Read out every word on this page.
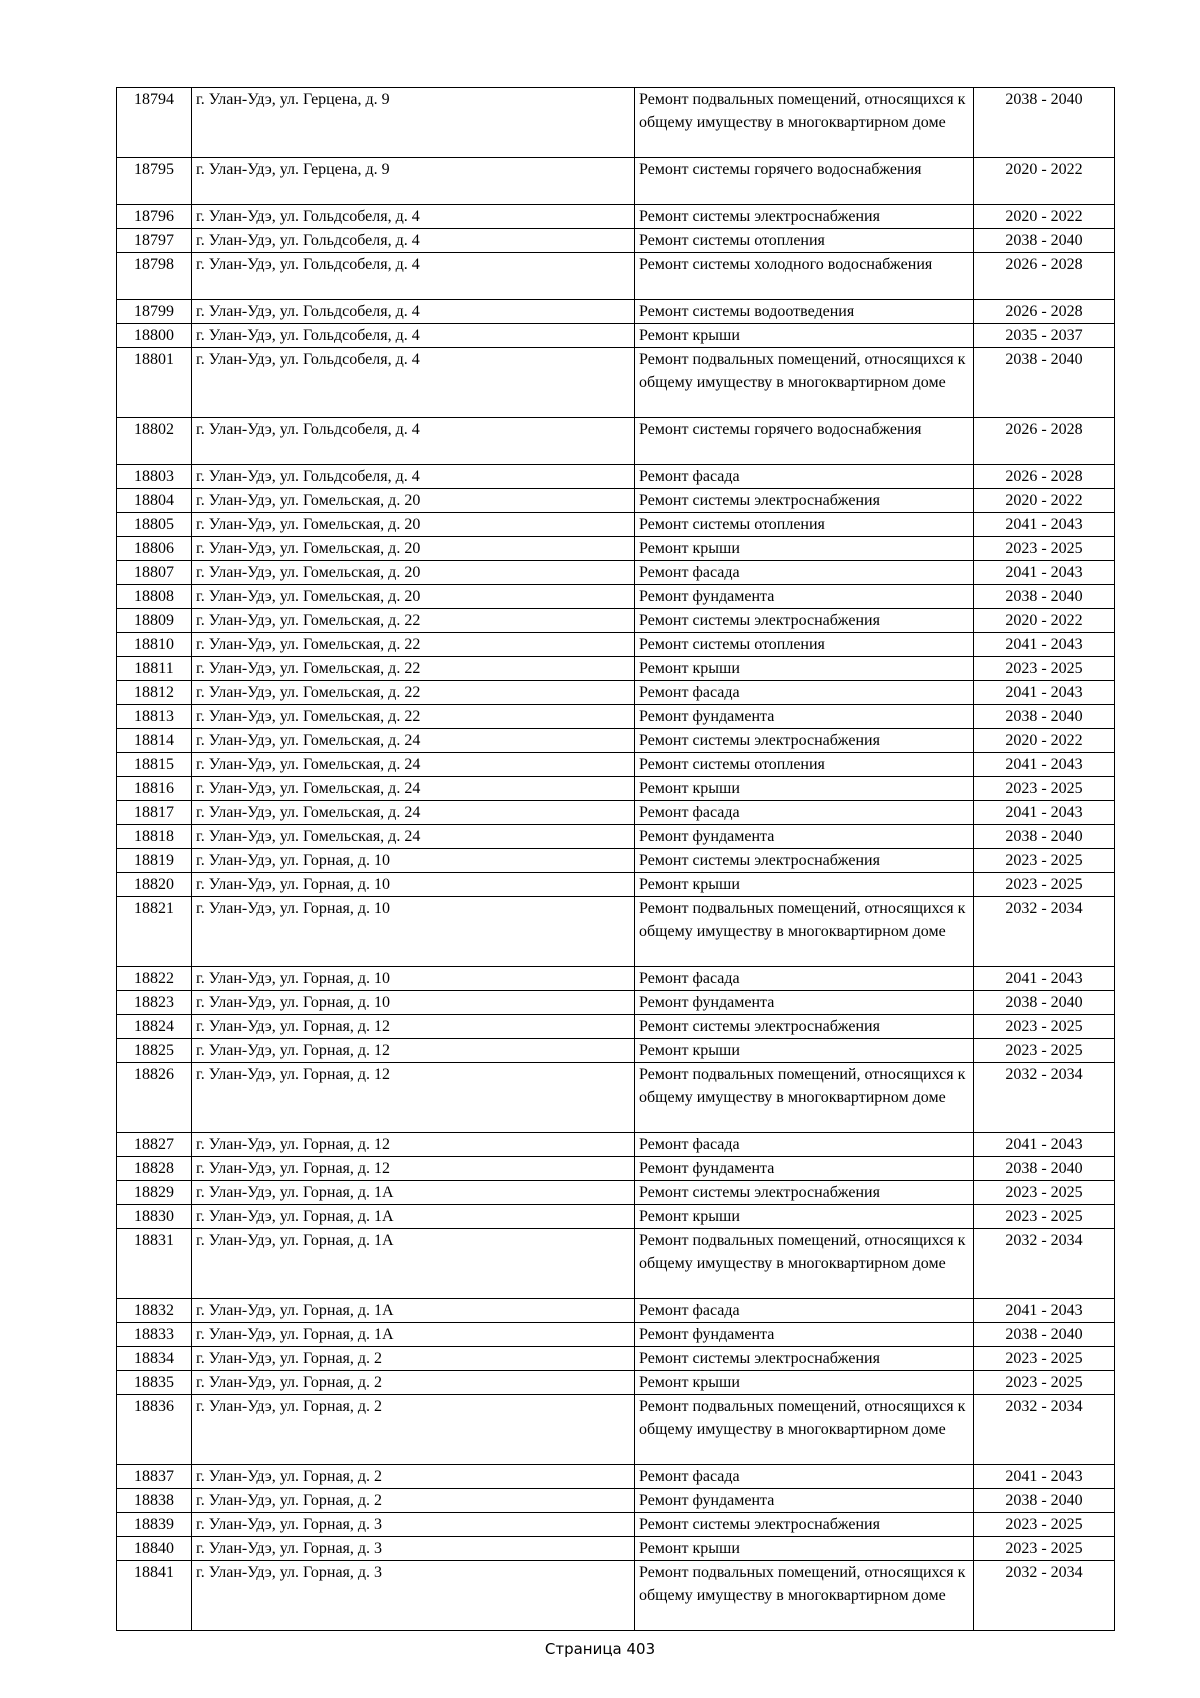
18794	г. Улан-Удэ, ул. Герцена, д. 9	Ремонт подвальных помещений, относящихся к общему имуществу в многоквартирном доме	2038 - 2040
18795	г. Улан-Удэ, ул. Герцена, д. 9	Ремонт системы горячего водоснабжения	2020 - 2022
18796	г. Улан-Удэ, ул. Гольдсобеля, д. 4	Ремонт системы электроснабжения	2020 - 2022
18797	г. Улан-Удэ, ул. Гольдсобеля, д. 4	Ремонт системы отопления	2038 - 2040
18798	г. Улан-Удэ, ул. Гольдсобеля, д. 4	Ремонт системы холодного водоснабжения	2026 - 2028
18799	г. Улан-Удэ, ул. Гольдсобеля, д. 4	Ремонт системы водоотведения	2026 - 2028
18800	г. Улан-Удэ, ул. Гольдсобеля, д. 4	Ремонт крыши	2035 - 2037
18801	г. Улан-Удэ, ул. Гольдсобеля, д. 4	Ремонт подвальных помещений, относящихся к общему имуществу в многоквартирном доме	2038 - 2040
18802	г. Улан-Удэ, ул. Гольдсобеля, д. 4	Ремонт системы горячего водоснабжения	2026 - 2028
18803	г. Улан-Удэ, ул. Гольдсобеля, д. 4	Ремонт фасада	2026 - 2028
18804	г. Улан-Удэ, ул. Гомельская, д. 20	Ремонт системы электроснабжения	2020 - 2022
18805	г. Улан-Удэ, ул. Гомельская, д. 20	Ремонт системы отопления	2041 - 2043
18806	г. Улан-Удэ, ул. Гомельская, д. 20	Ремонт крыши	2023 - 2025
18807	г. Улан-Удэ, ул. Гомельская, д. 20	Ремонт фасада	2041 - 2043
18808	г. Улан-Удэ, ул. Гомельская, д. 20	Ремонт фундамента	2038 - 2040
18809	г. Улан-Удэ, ул. Гомельская, д. 22	Ремонт системы электроснабжения	2020 - 2022
18810	г. Улан-Удэ, ул. Гомельская, д. 22	Ремонт системы отопления	2041 - 2043
18811	г. Улан-Удэ, ул. Гомельская, д. 22	Ремонт крыши	2023 - 2025
18812	г. Улан-Удэ, ул. Гомельская, д. 22	Ремонт фасада	2041 - 2043
18813	г. Улан-Удэ, ул. Гомельская, д. 22	Ремонт фундамента	2038 - 2040
18814	г. Улан-Удэ, ул. Гомельская, д. 24	Ремонт системы электроснабжения	2020 - 2022
18815	г. Улан-Удэ, ул. Гомельская, д. 24	Ремонт системы отопления	2041 - 2043
18816	г. Улан-Удэ, ул. Гомельская, д. 24	Ремонт крыши	2023 - 2025
18817	г. Улан-Удэ, ул. Гомельская, д. 24	Ремонт фасада	2041 - 2043
18818	г. Улан-Удэ, ул. Гомельская, д. 24	Ремонт фундамента	2038 - 2040
18819	г. Улан-Удэ, ул. Горная, д. 10	Ремонт системы электроснабжения	2023 - 2025
18820	г. Улан-Удэ, ул. Горная, д. 10	Ремонт крыши	2023 - 2025
18821	г. Улан-Удэ, ул. Горная, д. 10	Ремонт подвальных помещений, относящихся к общему имуществу в многоквартирном доме	2032 - 2034
18822	г. Улан-Удэ, ул. Горная, д. 10	Ремонт фасада	2041 - 2043
18823	г. Улан-Удэ, ул. Горная, д. 10	Ремонт фундамента	2038 - 2040
18824	г. Улан-Удэ, ул. Горная, д. 12	Ремонт системы электроснабжения	2023 - 2025
18825	г. Улан-Удэ, ул. Горная, д. 12	Ремонт крыши	2023 - 2025
18826	г. Улан-Удэ, ул. Горная, д. 12	Ремонт подвальных помещений, относящихся к общему имуществу в многоквартирном доме	2032 - 2034
18827	г. Улан-Удэ, ул. Горная, д. 12	Ремонт фасада	2041 - 2043
18828	г. Улан-Удэ, ул. Горная, д. 12	Ремонт фундамента	2038 - 2040
18829	г. Улан-Удэ, ул. Горная, д. 1А	Ремонт системы электроснабжения	2023 - 2025
18830	г. Улан-Удэ, ул. Горная, д. 1А	Ремонт крыши	2023 - 2025
18831	г. Улан-Удэ, ул. Горная, д. 1А	Ремонт подвальных помещений, относящихся к общему имуществу в многоквартирном доме	2032 - 2034
18832	г. Улан-Удэ, ул. Горная, д. 1А	Ремонт фасада	2041 - 2043
18833	г. Улан-Удэ, ул. Горная, д. 1А	Ремонт фундамента	2038 - 2040
18834	г. Улан-Удэ, ул. Горная, д. 2	Ремонт системы электроснабжения	2023 - 2025
18835	г. Улан-Удэ, ул. Горная, д. 2	Ремонт крыши	2023 - 2025
18836	г. Улан-Удэ, ул. Горная, д. 2	Ремонт подвальных помещений, относящихся к общему имуществу в многоквартирном доме	2032 - 2034
18837	г. Улан-Удэ, ул. Горная, д. 2	Ремонт фасада	2041 - 2043
18838	г. Улан-Удэ, ул. Горная, д. 2	Ремонт фундамента	2038 - 2040
18839	г. Улан-Удэ, ул. Горная, д. 3	Ремонт системы электроснабжения	2023 - 2025
18840	г. Улан-Удэ, ул. Горная, д. 3	Ремонт крыши	2023 - 2025
18841	г. Улан-Удэ, ул. Горная, д. 3	Ремонт подвальных помещений, относящихся к общему имуществу в многоквартирном доме	2032 - 2034
Страница 403
